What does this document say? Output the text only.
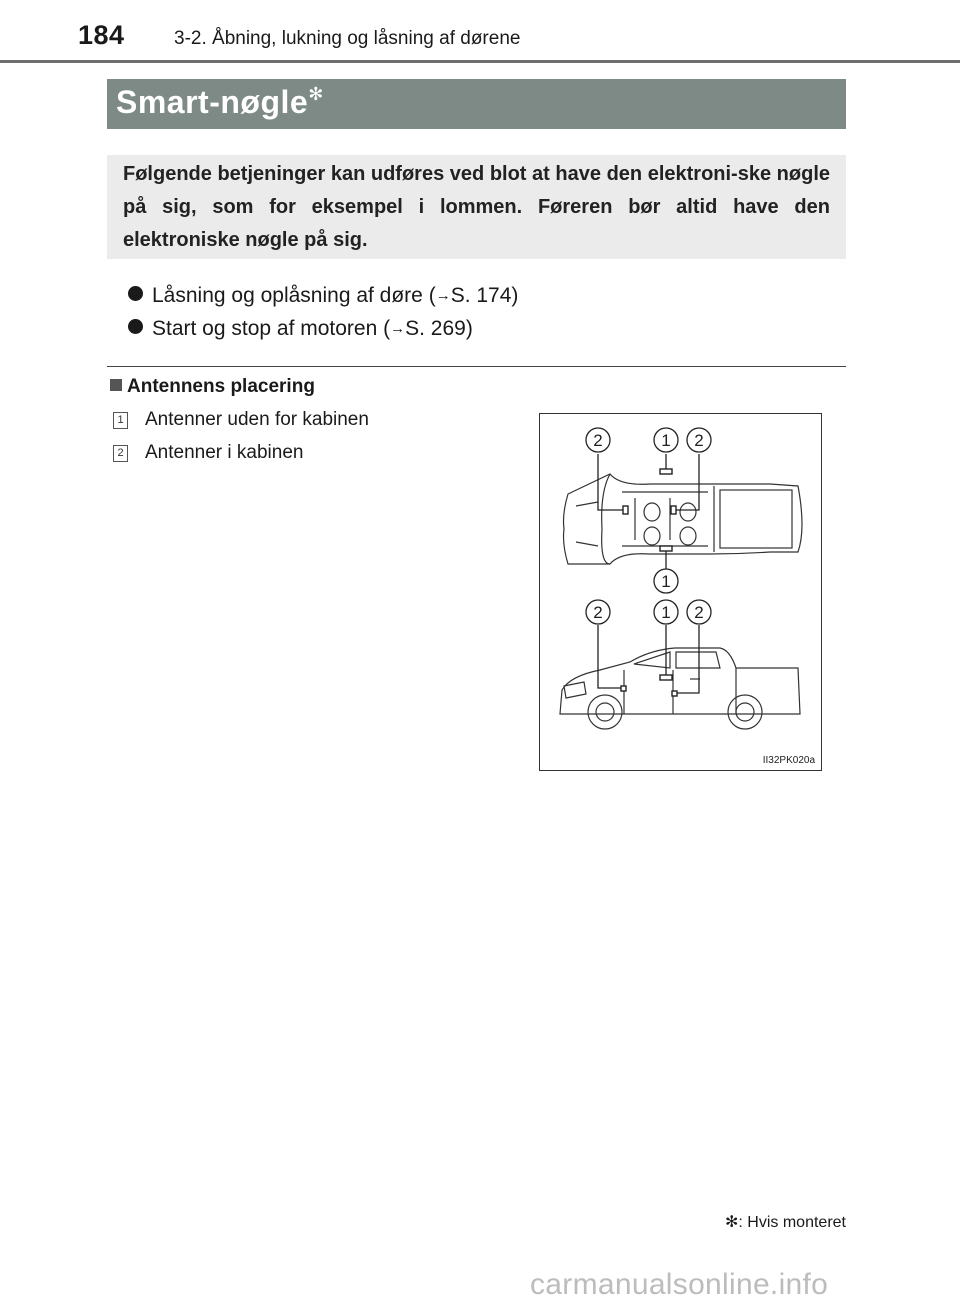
184	3-2. Åbning, lukning og låsning af dørene
Smart-nøgle✻
Følgende betjeninger kan udføres ved blot at have den elektroni-ske nøgle på sig, som for eksempel i lommen. Føreren bør altid have den elektroniske nøgle på sig.
Låsning og oplåsning af døre (→S. 174)
Start og stop af motoren (→S. 269)
Antennens placering
1 Antenner uden for kabinen
2 Antenner i kabinen
2	1 2
1
2	1 2
II32PK020a
✻: Hvis monteret
carmanualsonline.info
